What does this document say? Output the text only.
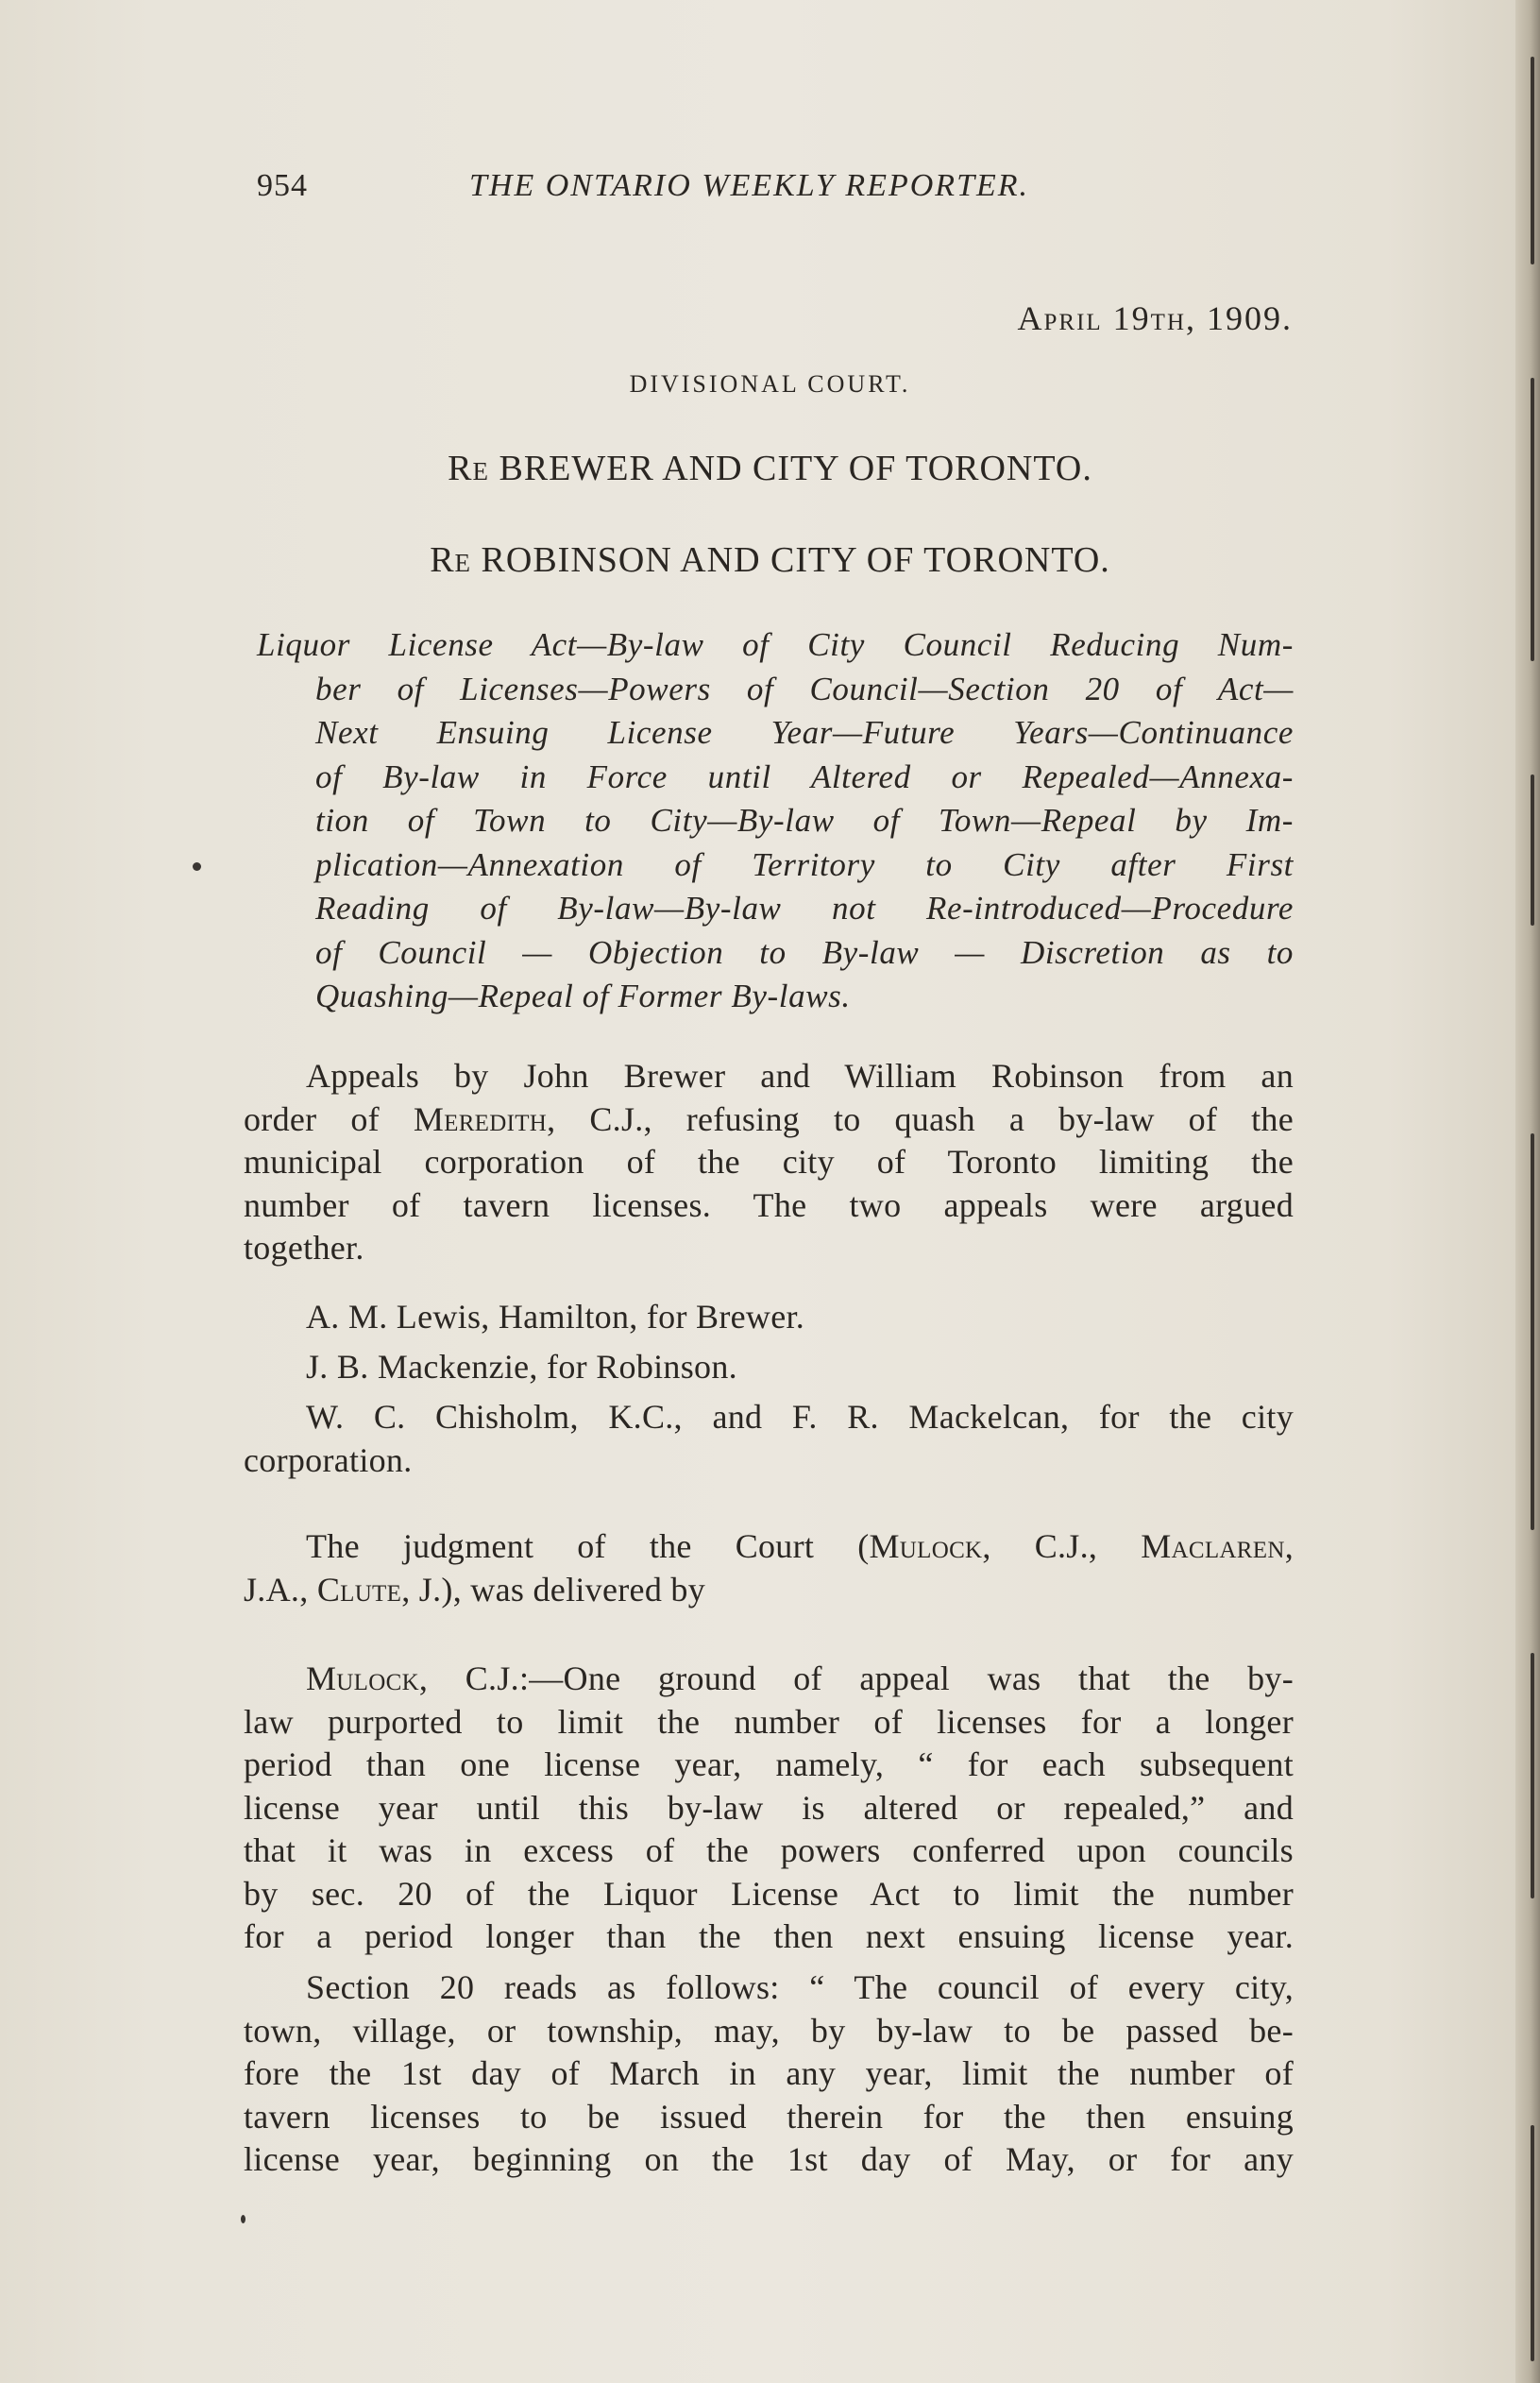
954	THE ONTARIO WEEKLY REPORTER.
April 19th, 1909.
DIVISIONAL COURT.
Re BREWER AND CITY OF TORONTO.
Re ROBINSON AND CITY OF TORONTO.
Liquor License Act—By-law of City Council Reducing Num-
ber of Licenses—Powers of Council—Section 20 of Act—
Next Ensuing License Year—Future Years—Continuance
of By-law in Force until Altered or Repealed—Annexa-
tion of Town to City—By-law of Town—Repeal by Im-
plication—Annexation of Territory to City after First
Reading of By-law—By-law not Re-introduced—Procedure
of Council — Objection to By-law — Discretion as to
Quashing—Repeal of Former By-laws.
Appeals by John Brewer and William Robinson from an
order of Meredith, C.J., refusing to quash a by-law of the
municipal corporation of the city of Toronto limiting the
number of tavern licenses. The two appeals were argued
together.
A. M. Lewis, Hamilton, for Brewer.
J. B. Mackenzie, for Robinson.
W. C. Chisholm, K.C., and F. R. Mackelcan, for the city
corporation.
The judgment of the Court (Mulock, C.J., Maclaren,
J.A., Clute, J.), was delivered by
Mulock, C.J.:—One ground of appeal was that the by-
law purported to limit the number of licenses for a longer
period than one license year, namely, “ for each subsequent
license year until this by-law is altered or repealed,” and
that it was in excess of the powers conferred upon councils
by sec. 20 of the Liquor License Act to limit the number
for a period longer than the then next ensuing license year.
Section 20 reads as follows: “ The council of every city,
town, village, or township, may, by by-law to be passed be-
fore the 1st day of March in any year, limit the number of
tavern licenses to be issued therein for the then ensuing
license year, beginning on the 1st day of May, or for any
